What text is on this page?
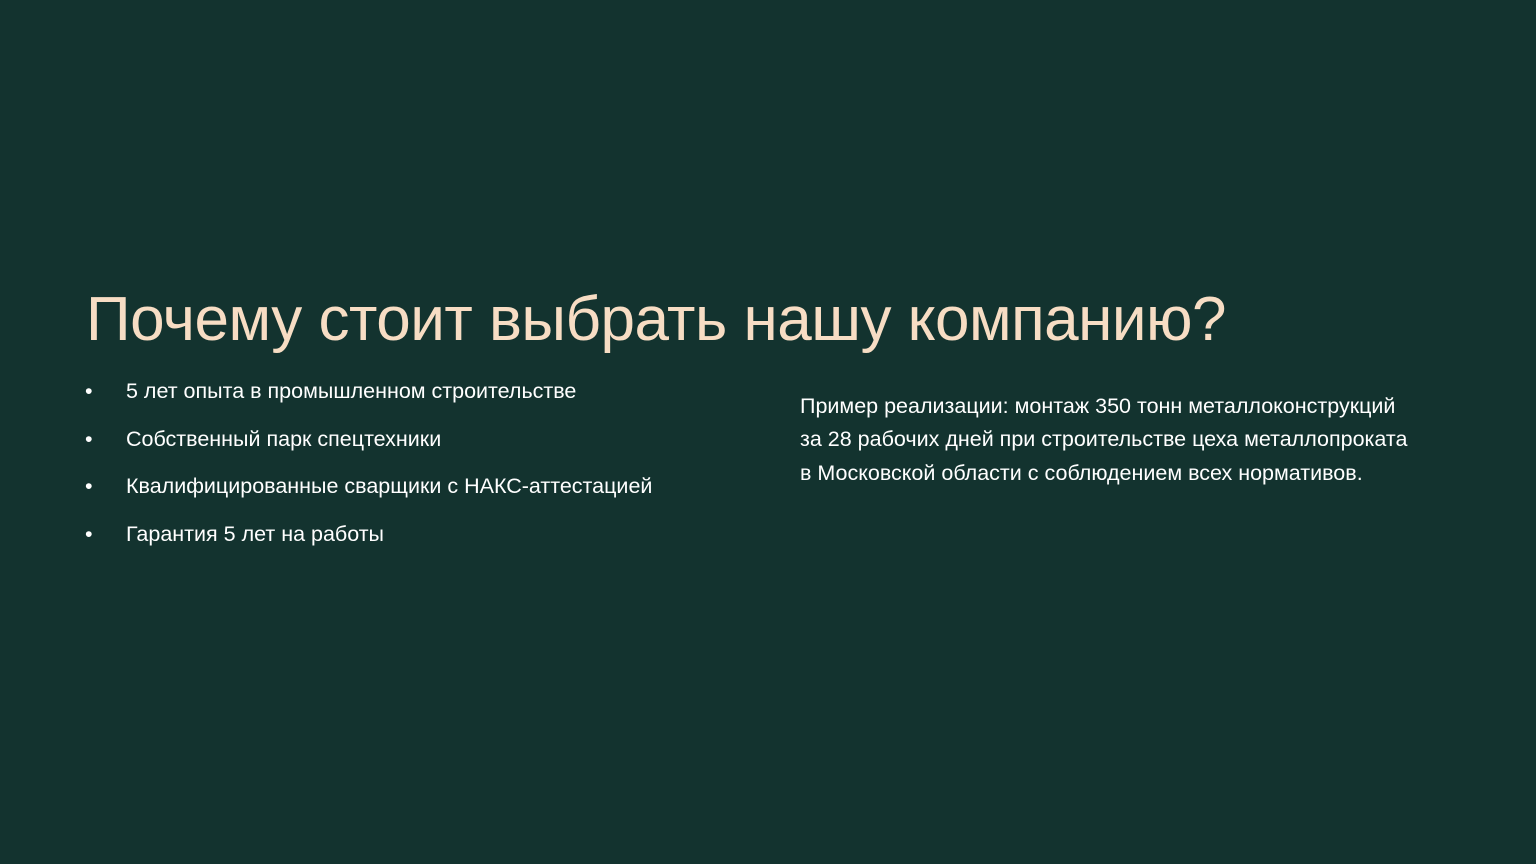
Почему стоит выбрать нашу компанию?
• 5 лет опыта в промышленном строительстве
• Собственный парк спецтехники
• Квалифицированные сварщики с НАКС-аттестацией
• Гарантия 5 лет на работы

Пример реализации: монтаж 350 тонн металлоконструкций за 28 рабочих дней при строительстве цеха металлопроката в Московской области с соблюдением всех нормативов.
